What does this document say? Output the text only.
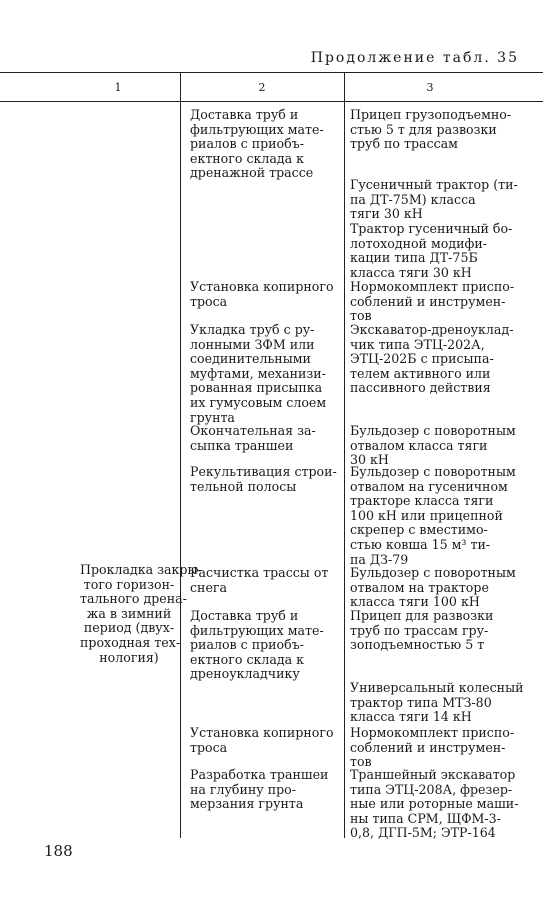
Продолжение табл. 35
1	2	3
Прокладка закры-
того горизон-
тального дрена-
жа в зимний
период (двух-
проходная тех-
нология)
Доставка труб и
фильтрующих мате-
риалов с приобъ-
ектного склада к
дренажной трассе
Прицеп грузоподъемно-
стью 5 т для развозки
труб по трассам
Гусеничный трактор (ти-
па ДТ-75М) класса
тяги 30 кН
Трактор гусеничный бо-
лотоходной модифи-
кации типа ДТ-75Б
класса тяги 30 кН
Установка копирного
троса
Нормокомплект приспо-
соблений и инструмен-
тов
Укладка труб с ру-
лонными ЗФМ или
соединительными
муфтами, механизи-
рованная присыпка
их гумусовым слоем
грунта
Экскаватор-дреноуклад-
чик типа ЭТЦ-202А,
ЭТЦ-202Б с присыпа-
телем активного или
пассивного действия
Окончательная за-
сыпка траншеи
Бульдозер с поворотным
отвалом класса тяги
30 кН
Рекультивация строи-
тельной полосы
Бульдозер с поворотным
отвалом на гусеничном
тракторе класса тяги
100 кН или прицепной
скрепер с вместимо-
стью ковша 15 м³ ти-
па ДЗ-79
Расчистка трассы от
снега
Бульдозер с поворотным
отвалом на тракторе
класса тяги 100 кН
Доставка труб и
фильтрующих мате-
риалов с приобъ-
ектного склада к
дреноукладчику
Прицеп для развозки
труб по трассам гру-
зоподъемностью 5 т
Универсальный колесный
трактор типа МТЗ-80
класса тяги 14 кН
Установка копирного
троса
Нормокомплект приспо-
соблений и инструмен-
тов
Разработка траншеи
на глубину про-
мерзания грунта
Траншейный экскаватор
типа ЭТЦ-208А, фрезер-
ные или роторные маши-
ны типа СРМ, ЩФМ-3-
0,8, ДГП-5М; ЭТР-164
188
